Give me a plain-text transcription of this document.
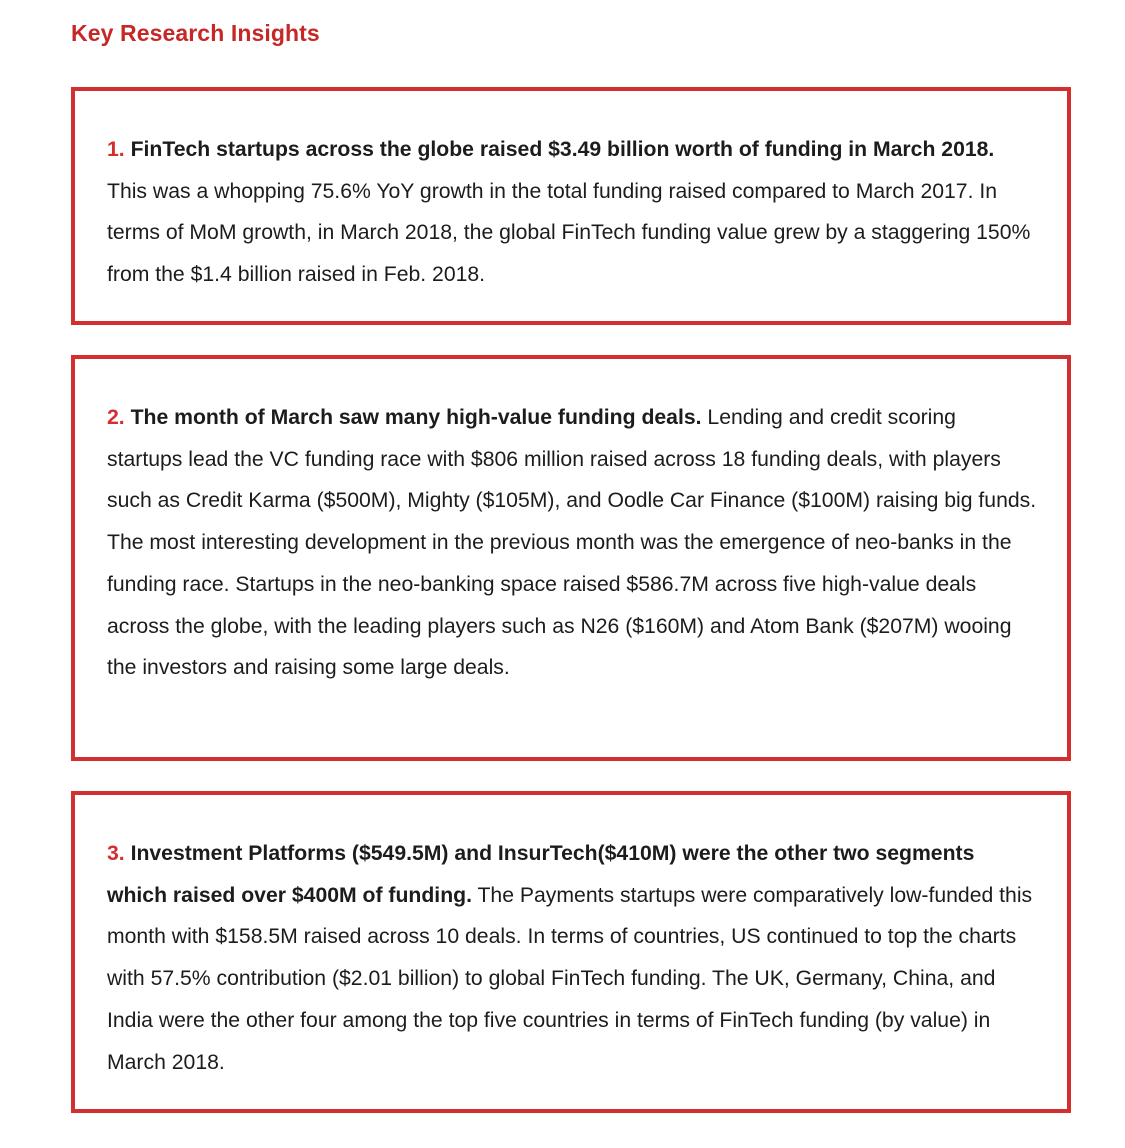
Key Research Insights

1. FinTech startups across the globe raised $3.49 billion worth of funding in March 2018. This was a whopping 75.6% YoY growth in the total funding raised compared to March 2017. In terms of MoM growth, in March 2018, the global FinTech funding value grew by a staggering 150% from the $1.4 billion raised in Feb. 2018.

2. The month of March saw many high-value funding deals. Lending and credit scoring startups lead the VC funding race with $806 million raised across 18 funding deals, with players such as Credit Karma ($500M), Mighty ($105M), and Oodle Car Finance ($100M) raising big funds. The most interesting development in the previous month was the emergence of neo-banks in the funding race. Startups in the neo-banking space raised $586.7M across five high-value deals across the globe, with the leading players such as N26 ($160M) and Atom Bank ($207M) wooing the investors and raising some large deals.

3. Investment Platforms ($549.5M) and InsurTech($410M) were the other two segments which raised over $400M of funding. The Payments startups were comparatively low-funded this month with $158.5M raised across 10 deals. In terms of countries, US continued to top the charts with 57.5% contribution ($2.01 billion) to global FinTech funding. The UK, Germany, China, and India were the other four among the top five countries in terms of FinTech funding (by value) in March 2018.
